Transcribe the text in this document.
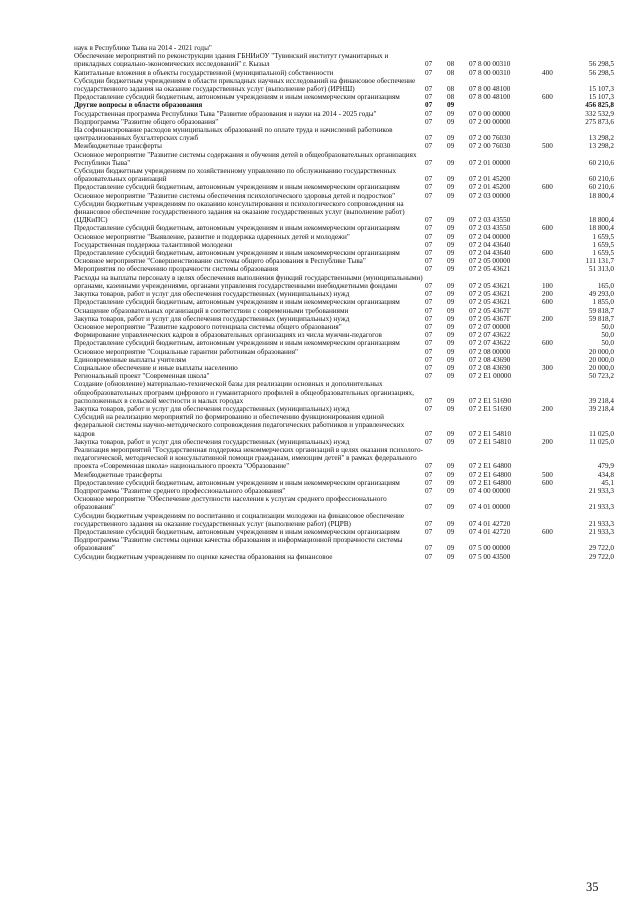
наук в Республике Тыва на 2014 - 2021 годы"					
Обеспечение мероприятий по реконструкции здания ГБНИиОУ "Тувинский институт гуманитарных и прикладных социально-экономических исследований" г. Кызыл	07	08	07 8 00 00310		56 298,5
Капитальные вложения в объекты государственной (муниципальной) собственности	07	08	07 8 00 00310	400	56 298,5
Субсидии бюджетным учреждениям в области прикладных научных исследований на финансовое обеспечение государственного задания на оказание государственных услуг (выполнение работ) (ИРНШ)	07	08	07 8 00 48100		15 107,3
Предоставление субсидий бюджетным, автономным учреждениям и иным некоммерческим организациям	07	08	07 8 00 48100	600	15 107,3
Другие вопросы в области образования	07	09			456 825,8
Государственная программа Республики Тыва "Развитие образования и науки на 2014 - 2025 годы"	07	09	07 0 00 00000		332 532,9
Подпрограмма "Развитие общего образования"	07	09	07 2 00 00000		275 873,6
На софинансирование расходов муниципальных образований по оплате труда и начислений работников централизованных бухгалтерских служб	07	09	07 2 00 76030		13 298,2
Межбюджетные трансферты	07	09	07 2 00 76030	500	13 298,2
Основное мероприятие "Развитие системы содержания и обучения детей в общеобразовательных организациях Республики Тыва"	07	09	07 2 01 00000		60 210,6
Субсидии бюджетным учреждениям по хозяйственному управлению по обслуживанию государственных образовательных организаций	07	09	07 2 01 45200		60 210,6
Предоставление субсидий бюджетным, автономным учреждениям и иным некоммерческим организациям	07	09	07 2 01 45200	600	60 210,6
Основное мероприятие "Развитие системы обеспечения психологического здоровья детей и подростков"	07	09	07 2 03 00000		18 800,4
Субсидии бюджетным учреждениям по оказанию консультирования и психологического сопровождения на финансовое обеспечение государственного задания на оказание государственных услуг (выполнение работ) (ЦДКиПС)	07	09	07 2 03 43550		18 800,4
Предоставление субсидий бюджетным, автономным учреждениям и иным некоммерческим организациям	07	09	07 2 03 43550	600	18 800,4
Основное мероприятие "Выявление, развитие и поддержка одаренных детей и молодежи"	07	09	07 2 04 00000		1 659,5
Государственная поддержка талантливой молодежи	07	09	07 2 04 43640		1 659,5
Предоставление субсидий бюджетным, автономным учреждениям и иным некоммерческим организациям	07	09	07 2 04 43640	600	1 659,5
Основное мероприятие "Совершенствование системы общего образования в Республике Тыва"	07	09	07 2 05 00000		111 131,7
Мероприятия по обеспечению прозрачности системы образования	07	09	07 2 05 43621		51 313,0
Расходы на выплаты персоналу в целях обеспечения выполнения функций государственными (муниципальными) органами, казенными учреждениями, органами управления государственными внебюджетными фондами	07	09	07 2 05 43621	100	165,0
Закупка товаров, работ и услуг для обеспечения государственных (муниципальных) нужд	07	09	07 2 05 43621	200	49 293,0
Предоставление субсидий бюджетным, автономным учреждениям и иным некоммерческим организациям	07	09	07 2 05 43621	600	1 855,0
Оснащение образовательных организаций в соответствии с современными требованиями	07	09	07 2 05 4367Г		59 818,7
Закупка товаров, работ и услуг для обеспечения государственных (муниципальных) нужд	07	09	07 2 05 4367Г	200	59 818,7
Основное мероприятие "Развитие кадрового потенциала системы общего образования"	07	09	07 2 07 00000		50,0
Формирование управленческих кадров в образовательных организациях из числа мужчин-педагогов	07	09	07 2 07 43622		50,0
Предоставление субсидий бюджетным, автономным учреждениям и иным некоммерческим организациям	07	09	07 2 07 43622	600	50,0
Основное мероприятие "Социальные гарантии работникам образования"	07	09	07 2 08 00000		20 000,0
Единовременные выплаты учителям	07	09	07 2 08 43690		20 000,0
Социальное обеспечение и иные выплаты населению	07	09	07 2 08 43690	300	20 000,0
Региональный проект "Современная школа"	07	09	07 2 E1 00000		50 723,2
Создание (обновление) материально-технической базы для реализации основных и дополнительных общеобразовательных программ цифрового и гуманитарного профилей в общеобразовательных организациях, расположенных в сельской местности и малых городах	07	09	07 2 E1 51690		39 218,4
Закупка товаров, работ и услуг для обеспечения государственных (муниципальных) нужд	07	09	07 2 E1 51690	200	39 218,4
Субсидий на реализацию мероприятий по формированию и обеспечению функционирования единой федеральной системы научно-методического сопровождения педагогических работников и управленческих кадров	07	09	07 2 E1 54810		11 025,0
Закупка товаров, работ и услуг для обеспечения государственных (муниципальных) нужд	07	09	07 2 E1 54810	200	11 025,0
Реализация мероприятий "Государственная поддержка некоммерческих организаций в целях оказания психолого-педагогической, методической и консультативной помощи гражданам, имеющим детей" в рамках федерального проекта «Современная школа» национального проекта "Образование"	07	09	07 2 E1 64800		479,9
Межбюджетные трансферты	07	09	07 2 E1 64800	500	434,8
Предоставление субсидий бюджетным, автономным учреждениям и иным некоммерческим организациям	07	09	07 2 E1 64800	600	45,1
Подпрограмма "Развитие среднего профессионального образования"	07	09	07 4 00 00000		21 933,3
Основное мероприятие "Обеспечение доступности населения к услугам среднего профессионального образования"	07	09	07 4 01 00000		21 933,3
Субсидии бюджетным учреждениям по воспитанию и социализации молодежи на финансовое обеспечение государственного задания на оказание государственных услуг (выполнение работ) (РЦРВ)	07	09	07 4 01 42720		21 933,3
Предоставление субсидий бюджетным, автономным учреждениям и иным некоммерческим организациям	07	09	07 4 01 42720	600	21 933,3
Подпрограмма "Развитие системы оценки качества образования и информационной прозрачности системы образования"	07	09	07 5 00 00000		29 722,0
Субсидии бюджетным учреждениям по оценке качества образования на финансовое	07	09	07 5 00 43500		29 722,0
35
